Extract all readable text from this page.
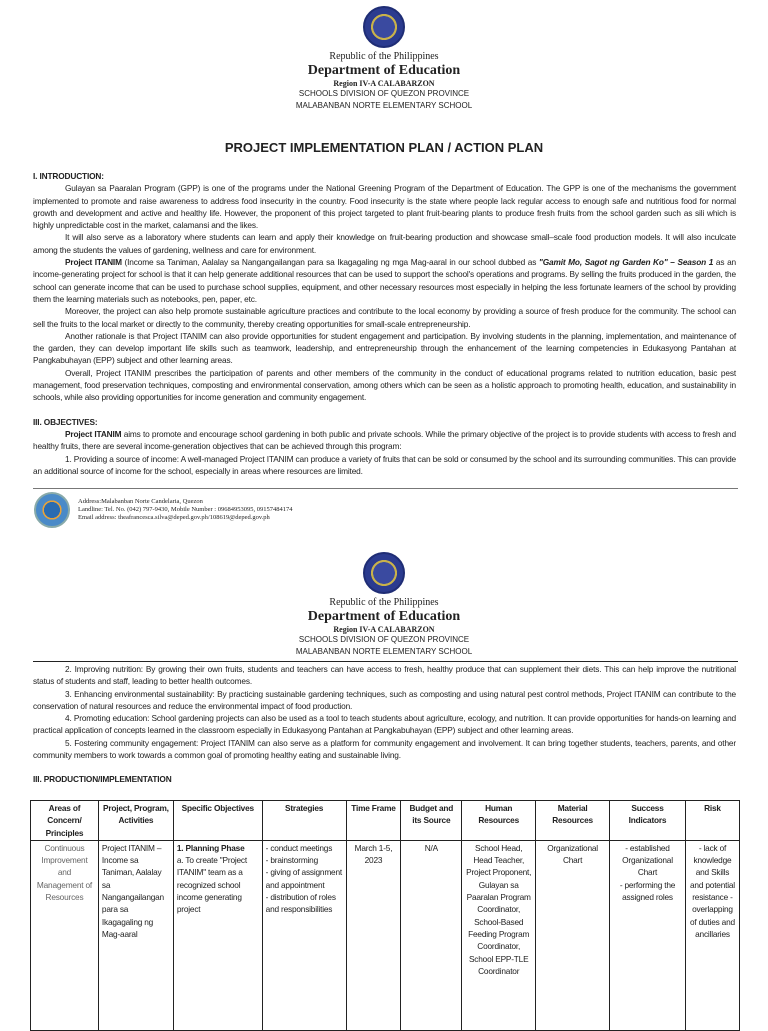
Republic of the Philippines
Department of Education
Region IV-A CALABARZON
SCHOOLS DIVISION OF QUEZON PROVINCE
MALABANBAN NORTE ELEMENTARY SCHOOL
PROJECT IMPLEMENTATION PLAN / ACTION PLAN

I. INTRODUCTION:

Gulayan sa Paaralan Program (GPP) is one of the programs under the National Greening Program of the Department of Education. The GPP is one of the mechanisms the government implemented to promote and raise awareness to address food insecurity in the country. Food insecurity is the state where people lack regular access to enough safe and nutritious food for normal growth and development and active and healthy life. However, the proponent of this project targeted to plant fruit-bearing plants to produce fresh fruits from the school garden such as sili which is highly unpredictable cost in the market, calamansi and the likes.

It will also serve as a laboratory where students can learn and apply their knowledge on fruit-bearing production and showcase small–scale food production models. It will also inculcate among the students the values of gardening, wellness and care for environment.

Project ITANIM (Income sa Taniman, Aalalay sa Nangangailangan para sa Ikagagaling ng mga Mag-aaral in our school dubbed as "Gamit Mo, Sagot ng Garden Ko" – Season 1 as an income-generating project for school is that it can help generate additional resources that can be used to support the school's operations and programs. By selling the fruits produced in the garden, the school can generate income that can be used to purchase school supplies, equipment, and other necessary resources most especially in helping the less fortunate learners of the school by providing them the learning materials such as notebooks, pen, paper, etc.

Moreover, the project can also help promote sustainable agriculture practices and contribute to the local economy by providing a source of fresh produce for the community. The school can sell the fruits to the local market or directly to the community, thereby creating opportunities for small-scale entrepreneurship.

Another rationale is that Project ITANIM can also provide opportunities for student engagement and participation. By involving students in the planning, implementation, and maintenance of the garden, they can develop important life skills such as teamwork, leadership, and entrepreneurship through the enhancement of the learning competencies in Edukasyong Pantahan at Pangkabuhayan (EPP) subject and other learning areas.

Overall, Project ITANIM prescribes the participation of parents and other members of the community in the conduct of educational programs related to nutrition education, basic pest management, food preservation techniques, composting and environmental conservation, among others which can be seen as a holistic approach to promoting health, education, and sustainability in schools, while also providing opportunities for income generation and community engagement.

III. OBJECTIVES:

Project ITANIM aims to promote and encourage school gardening in both public and private schools. While the primary objective of the project is to provide students with access to fresh and healthy fruits, there are several income-generation objectives that can be achieved through this program:

1. Providing a source of income: A well-managed Project ITANIM can produce a variety of fruits that can be sold or consumed by the school and its surrounding communities. This can provide an additional source of income for the school, especially in areas where resources are limited.

Address:Malabanban Norte Candelaria, Quezon
Landline: Tel. No. (042) 797-9430, Mobile Number : 09684953095, 09157484174
Email address: theafrancesca.silva@deped.gov.ph/108619@deped.gov.ph
Republic of the Philippines
Department of Education
Region IV-A CALABARZON
SCHOOLS DIVISION OF QUEZON PROVINCE
MALABANBAN NORTE ELEMENTARY SCHOOL

2. Improving nutrition: By growing their own fruits, students and teachers can have access to fresh, healthy produce that can supplement their diets. This can help improve the nutritional status of students and staff, leading to better health outcomes.

3. Enhancing environmental sustainability: By practicing sustainable gardening techniques, such as composting and using natural pest control methods, Project ITANIM can contribute to the conservation of natural resources and reduce the environmental impact of food production.

4. Promoting education: School gardening projects can also be used as a tool to teach students about agriculture, ecology, and nutrition. It can provide opportunities for hands-on learning and practical application of concepts learned in the classroom especially in Edukasyong Pantahan at Pangkabuhayan (EPP) subject and other learning areas.

5. Fostering community engagement: Project ITANIM can also serve as a platform for community engagement and involvement. It can bring together students, teachers, parents, and other community members to work towards a common goal of promoting healthy eating and sustainable living.

III. PRODUCTION/IMPLEMENTATION

Areas of Concern/ Principles	Project, Program, Activities	Specific Objectives	Strategies	Time Frame	Budget and its Source	Human Resources	Material Resources	Success Indicators	Risk
Continuous Improvement and Management of Resources	Project ITANIM – Income sa Taniman, Aalalay sa Nangangailangan para sa Ikagagaling ng Mag-aaral	1. Planning Phase
a. To create "Project ITANIM" team as a recognized school income generating project	- conduct meetings
- brainstorming
- giving of assignment and appointment
- distribution of roles and responsibilities	March 1-5, 2023	N/A	School Head, Head Teacher, Project Proponent, Gulayan sa Paaralan Program Coordinator, School-Based Feeding Program Coordinator, School EPP-TLE Coordinator	Organizational Chart	- established Organizational Chart
- performing the assigned roles	- lack of knowledge and Skills and potential resistance -overlapping of duties and ancillaries
